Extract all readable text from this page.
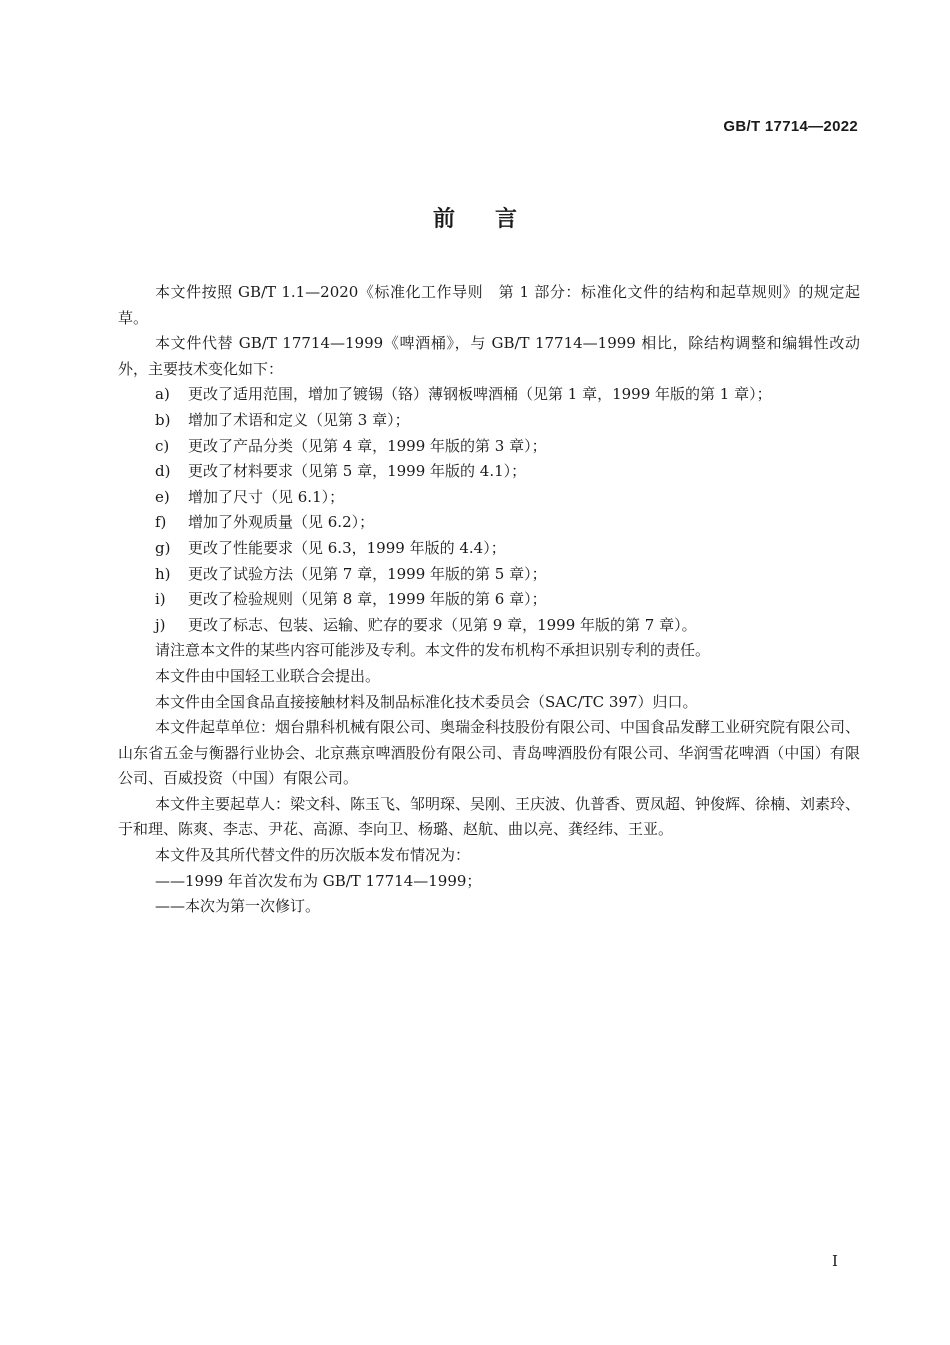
GB/T 17714—2022
前言

本文件按照 GB/T 1.1—2020《标准化工作导则　第 1 部分：标准化文件的结构和起草规则》的规定起草。

本文件代替 GB/T 17714—1999《啤酒桶》，与 GB/T 17714—1999 相比，除结构调整和编辑性改动外，主要技术变化如下：

a)	更改了适用范围，增加了镀锡（铬）薄钢板啤酒桶（见第 1 章，1999 年版的第 1 章）；
b)	增加了术语和定义（见第 3 章）；
c)	更改了产品分类（见第 4 章，1999 年版的第 3 章）；
d)	更改了材料要求（见第 5 章，1999 年版的 4.1）；
e)	增加了尺寸（见 6.1）；
f)	增加了外观质量（见 6.2）；
g)	更改了性能要求（见 6.3，1999 年版的 4.4）；
h)	更改了试验方法（见第 7 章，1999 年版的第 5 章）；
i)	更改了检验规则（见第 8 章，1999 年版的第 6 章）；
j)	更改了标志、包装、运输、贮存的要求（见第 9 章，1999 年版的第 7 章）。

请注意本文件的某些内容可能涉及专利。本文件的发布机构不承担识别专利的责任。

本文件由中国轻工业联合会提出。

本文件由全国食品直接接触材料及制品标准化技术委员会（SAC/TC 397）归口。

本文件起草单位：烟台鼎科机械有限公司、奥瑞金科技股份有限公司、中国食品发酵工业研究院有限公司、山东省五金与衡器行业协会、北京燕京啤酒股份有限公司、青岛啤酒股份有限公司、华润雪花啤酒（中国）有限公司、百威投资（中国）有限公司。

本文件主要起草人：梁文科、陈玉飞、邹明琛、吴刚、王庆波、仇普香、贾凤超、钟俊辉、徐楠、刘素玲、于和理、陈爽、李志、尹花、高源、李向卫、杨璐、赵航、曲以亮、龚经纬、王亚。

本文件及其所代替文件的历次版本发布情况为：

——1999 年首次发布为 GB/T 17714—1999；

——本次为第一次修订。

I
